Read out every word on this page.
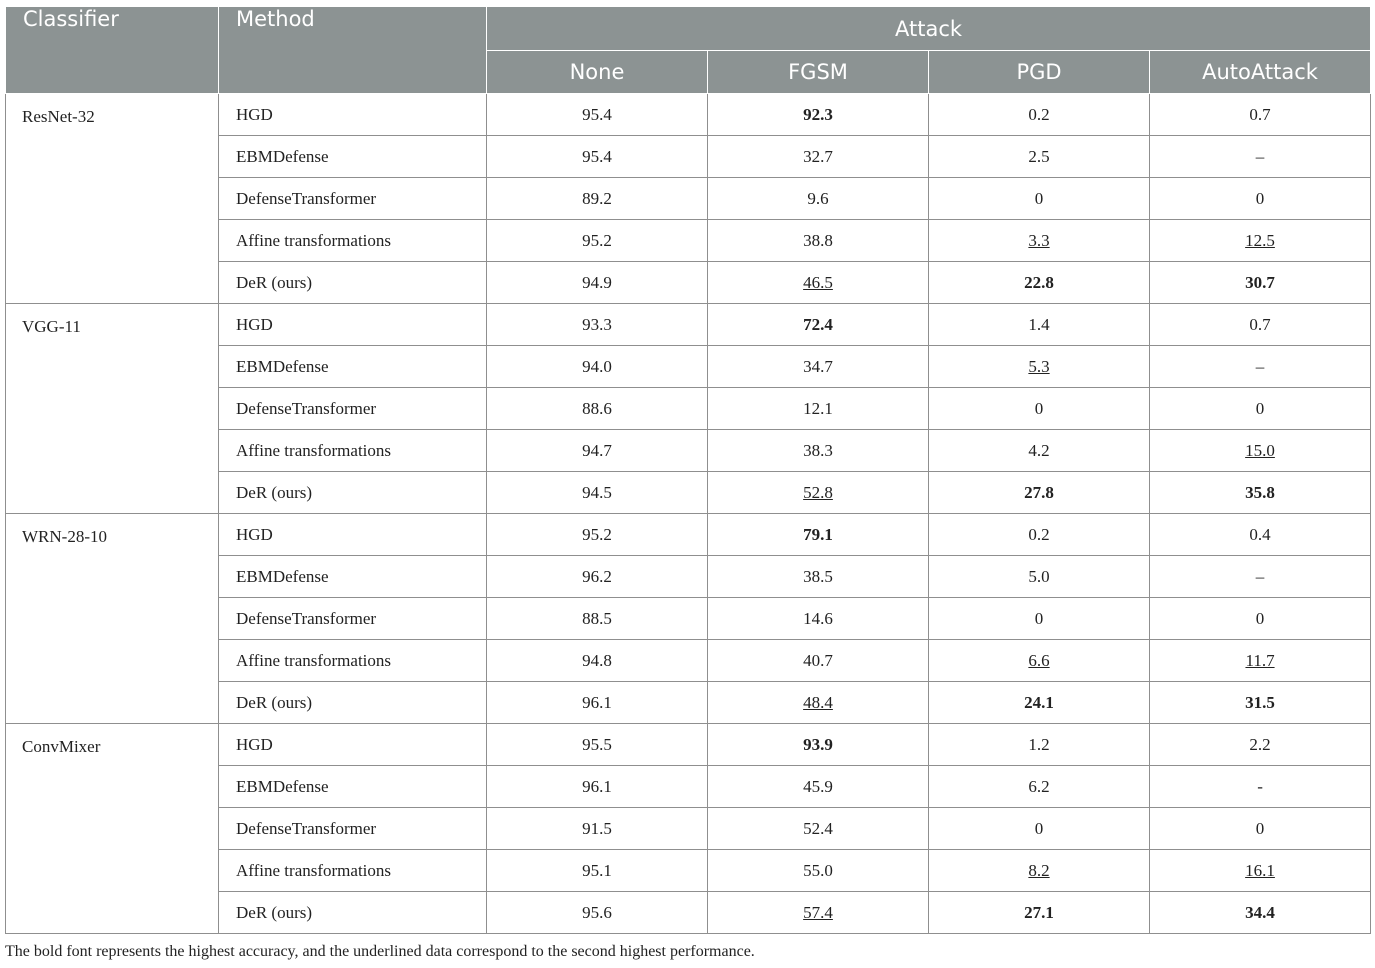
Classifier	Method	Attack			
		None	FGSM	PGD	AutoAttack
ResNet-32	HGD	95.4	92.3	0.2	0.7
	EBMDefense	95.4	32.7	2.5	–
	DefenseTransformer	89.2	9.6	0	0
	Affine transformations	95.2	38.8	3.3	12.5
	DeR (ours)	94.9	46.5	22.8	30.7
VGG-11	HGD	93.3	72.4	1.4	0.7
	EBMDefense	94.0	34.7	5.3	–
	DefenseTransformer	88.6	12.1	0	0
	Affine transformations	94.7	38.3	4.2	15.0
	DeR (ours)	94.5	52.8	27.8	35.8
WRN-28-10	HGD	95.2	79.1	0.2	0.4
	EBMDefense	96.2	38.5	5.0	–
	DefenseTransformer	88.5	14.6	0	0
	Affine transformations	94.8	40.7	6.6	11.7
	DeR (ours)	96.1	48.4	24.1	31.5
ConvMixer	HGD	95.5	93.9	1.2	2.2
	EBMDefense	96.1	45.9	6.2	-
	DefenseTransformer	91.5	52.4	0	0
	Affine transformations	95.1	55.0	8.2	16.1
	DeR (ours)	95.6	57.4	27.1	34.4
The bold font represents the highest accuracy, and the underlined data correspond to the second highest performance.
